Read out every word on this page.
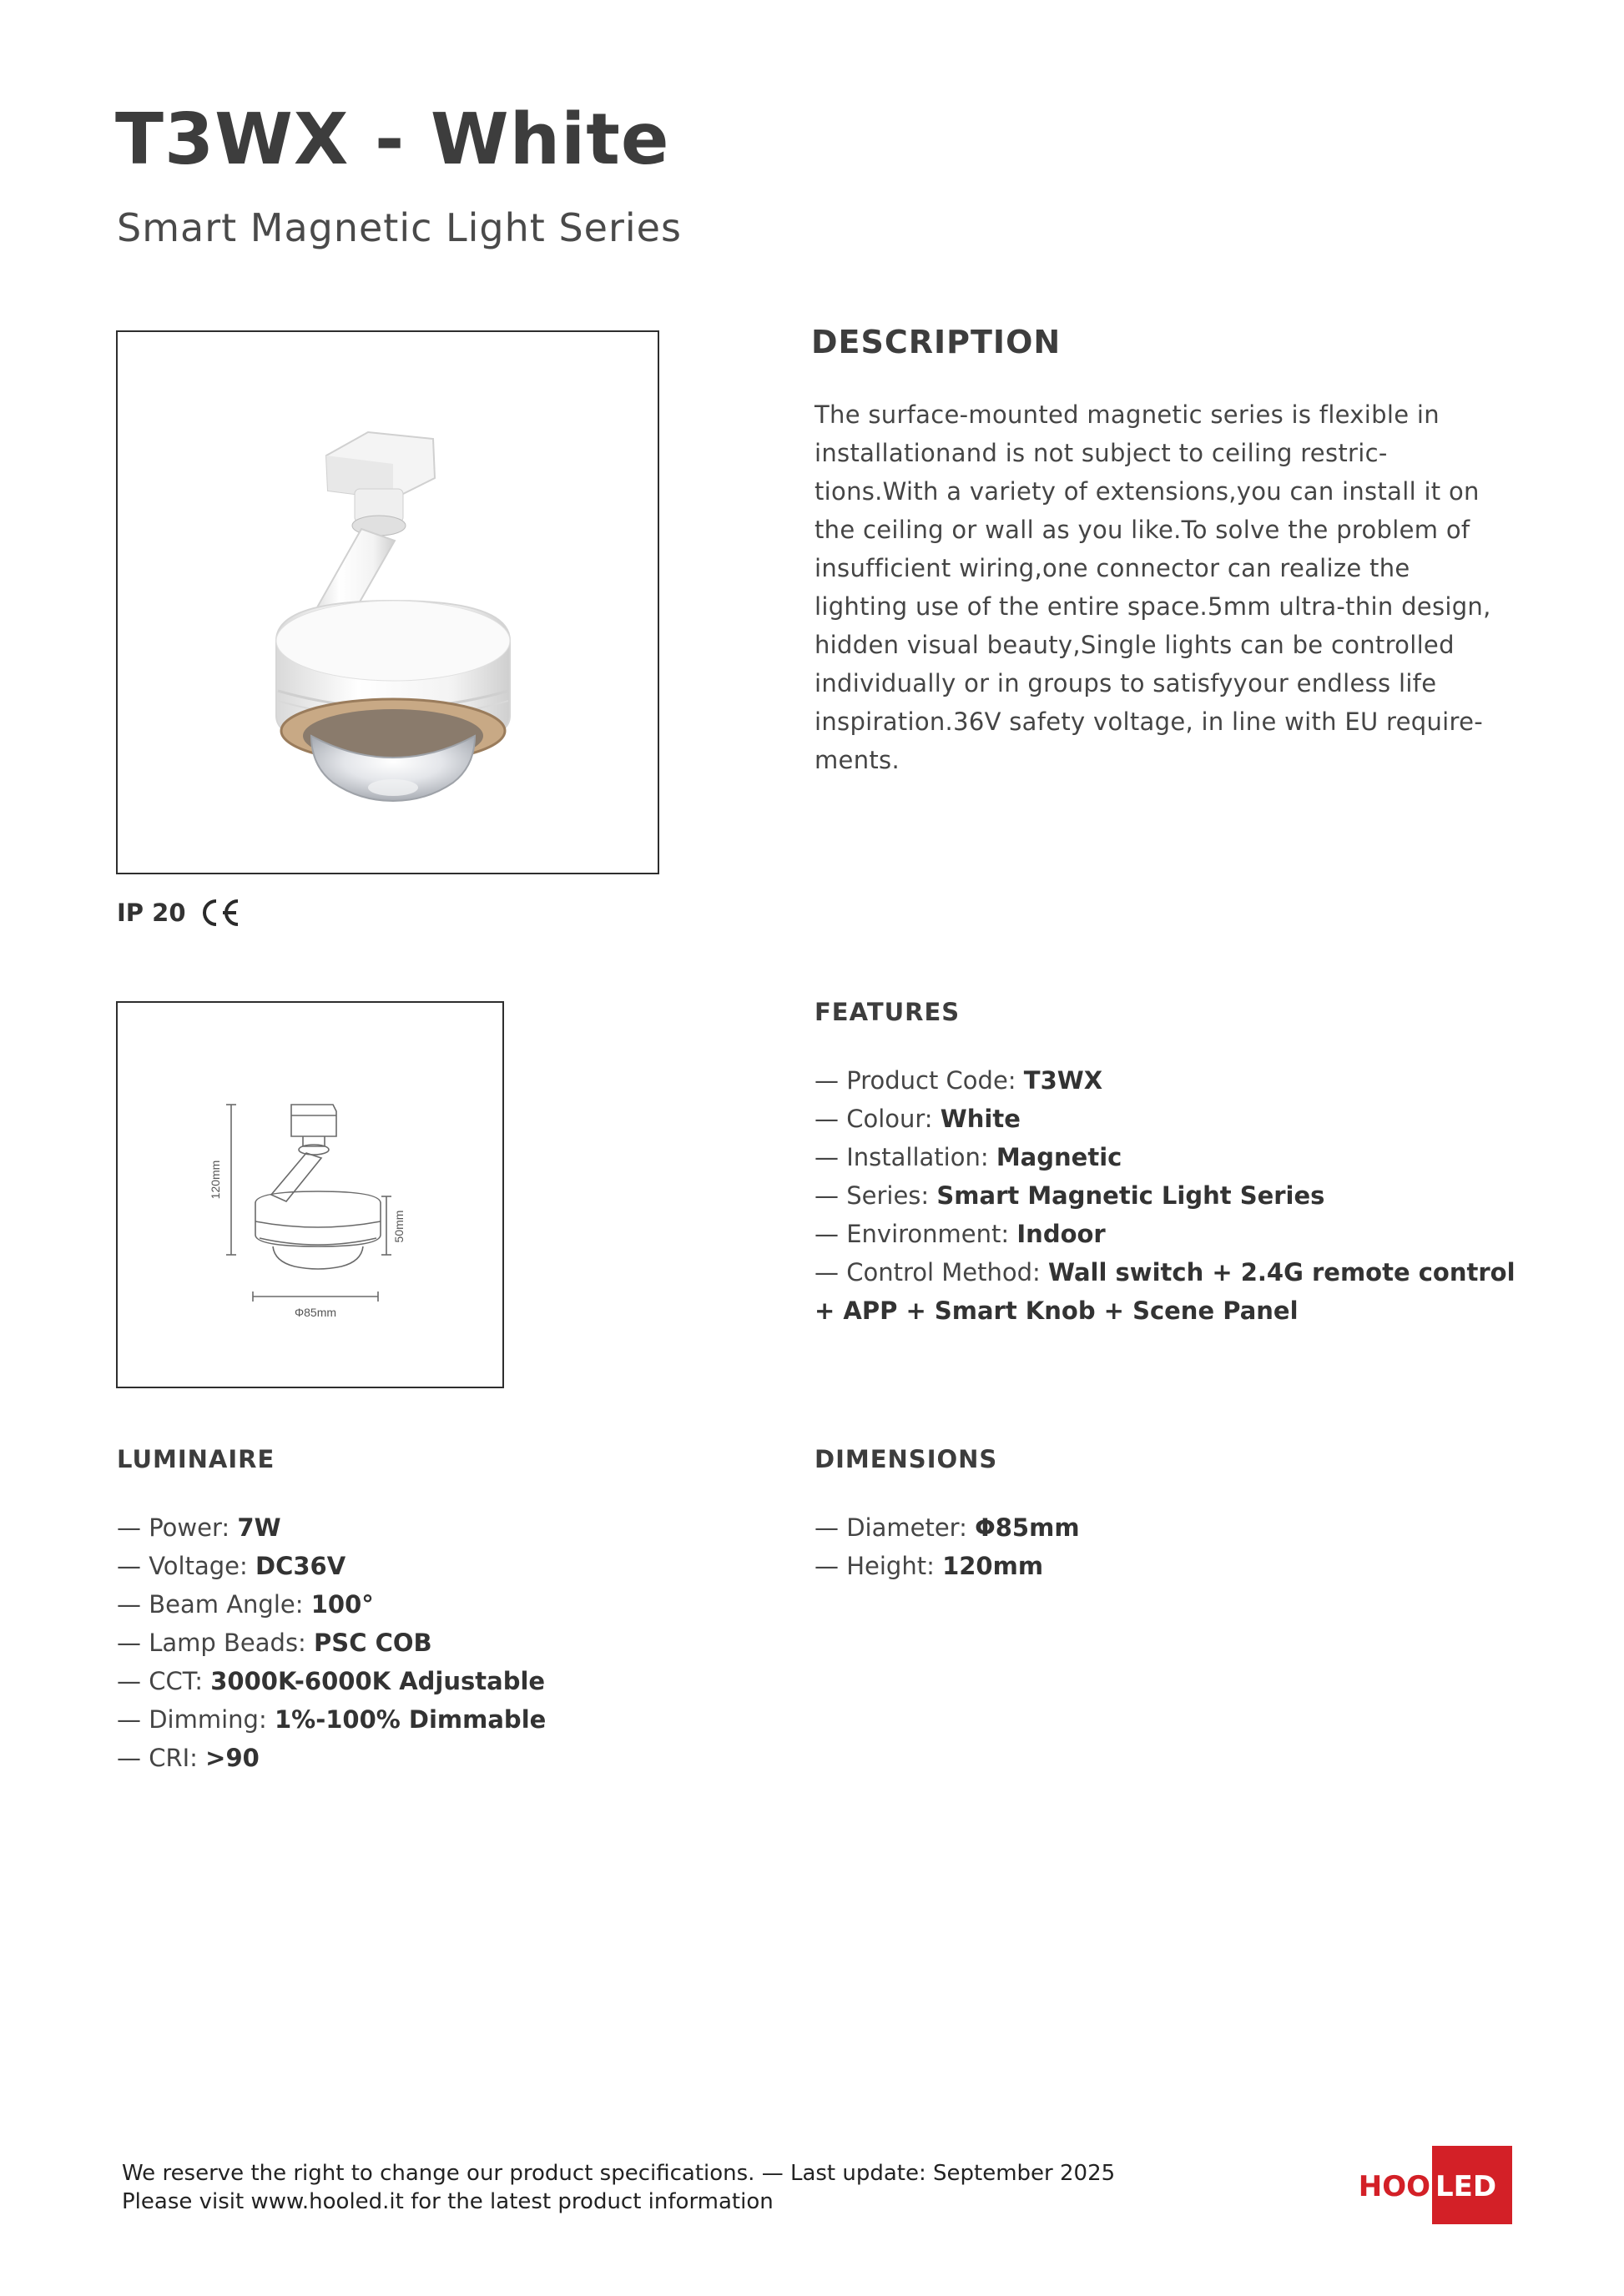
T3WX - White
Smart Magnetic Light Series
IP 20
DESCRIPTION
The surface-mounted magnetic series is flexible in
installationand is not subject to ceiling restric-
tions.With a variety of extensions,you can install it on
the ceiling or wall as you like.To solve the problem of
insufficient wiring,one connector can realize the
lighting use of the entire space.5mm ultra-thin design,
hidden visual beauty,Single lights can be controlled
individually or in groups to satisfyyour endless life
inspiration.36V safety voltage, in line with EU require-
ments.
120mm
50mm
Φ85mm
FEATURES
— Product Code: T3WX
— Colour: White
— Installation: Magnetic
— Series: Smart Magnetic Light Series
— Environment: Indoor
— Control Method: Wall switch + 2.4G remote control
+ APP + Smart Knob + Scene Panel
LUMINAIRE
— Power: 7W
— Voltage: DC36V
— Beam Angle: 100°
— Lamp Beads: PSC COB
— CCT: 3000K-6000K Adjustable
— Dimming: 1%-100% Dimmable
— CRI: >90
DIMENSIONS
— Diameter: Φ85mm
— Height: 120mm
We reserve the right to change our product specifications. — Last update: September 2025
Please visit www.hooled.it for the latest product information	HOO LED
